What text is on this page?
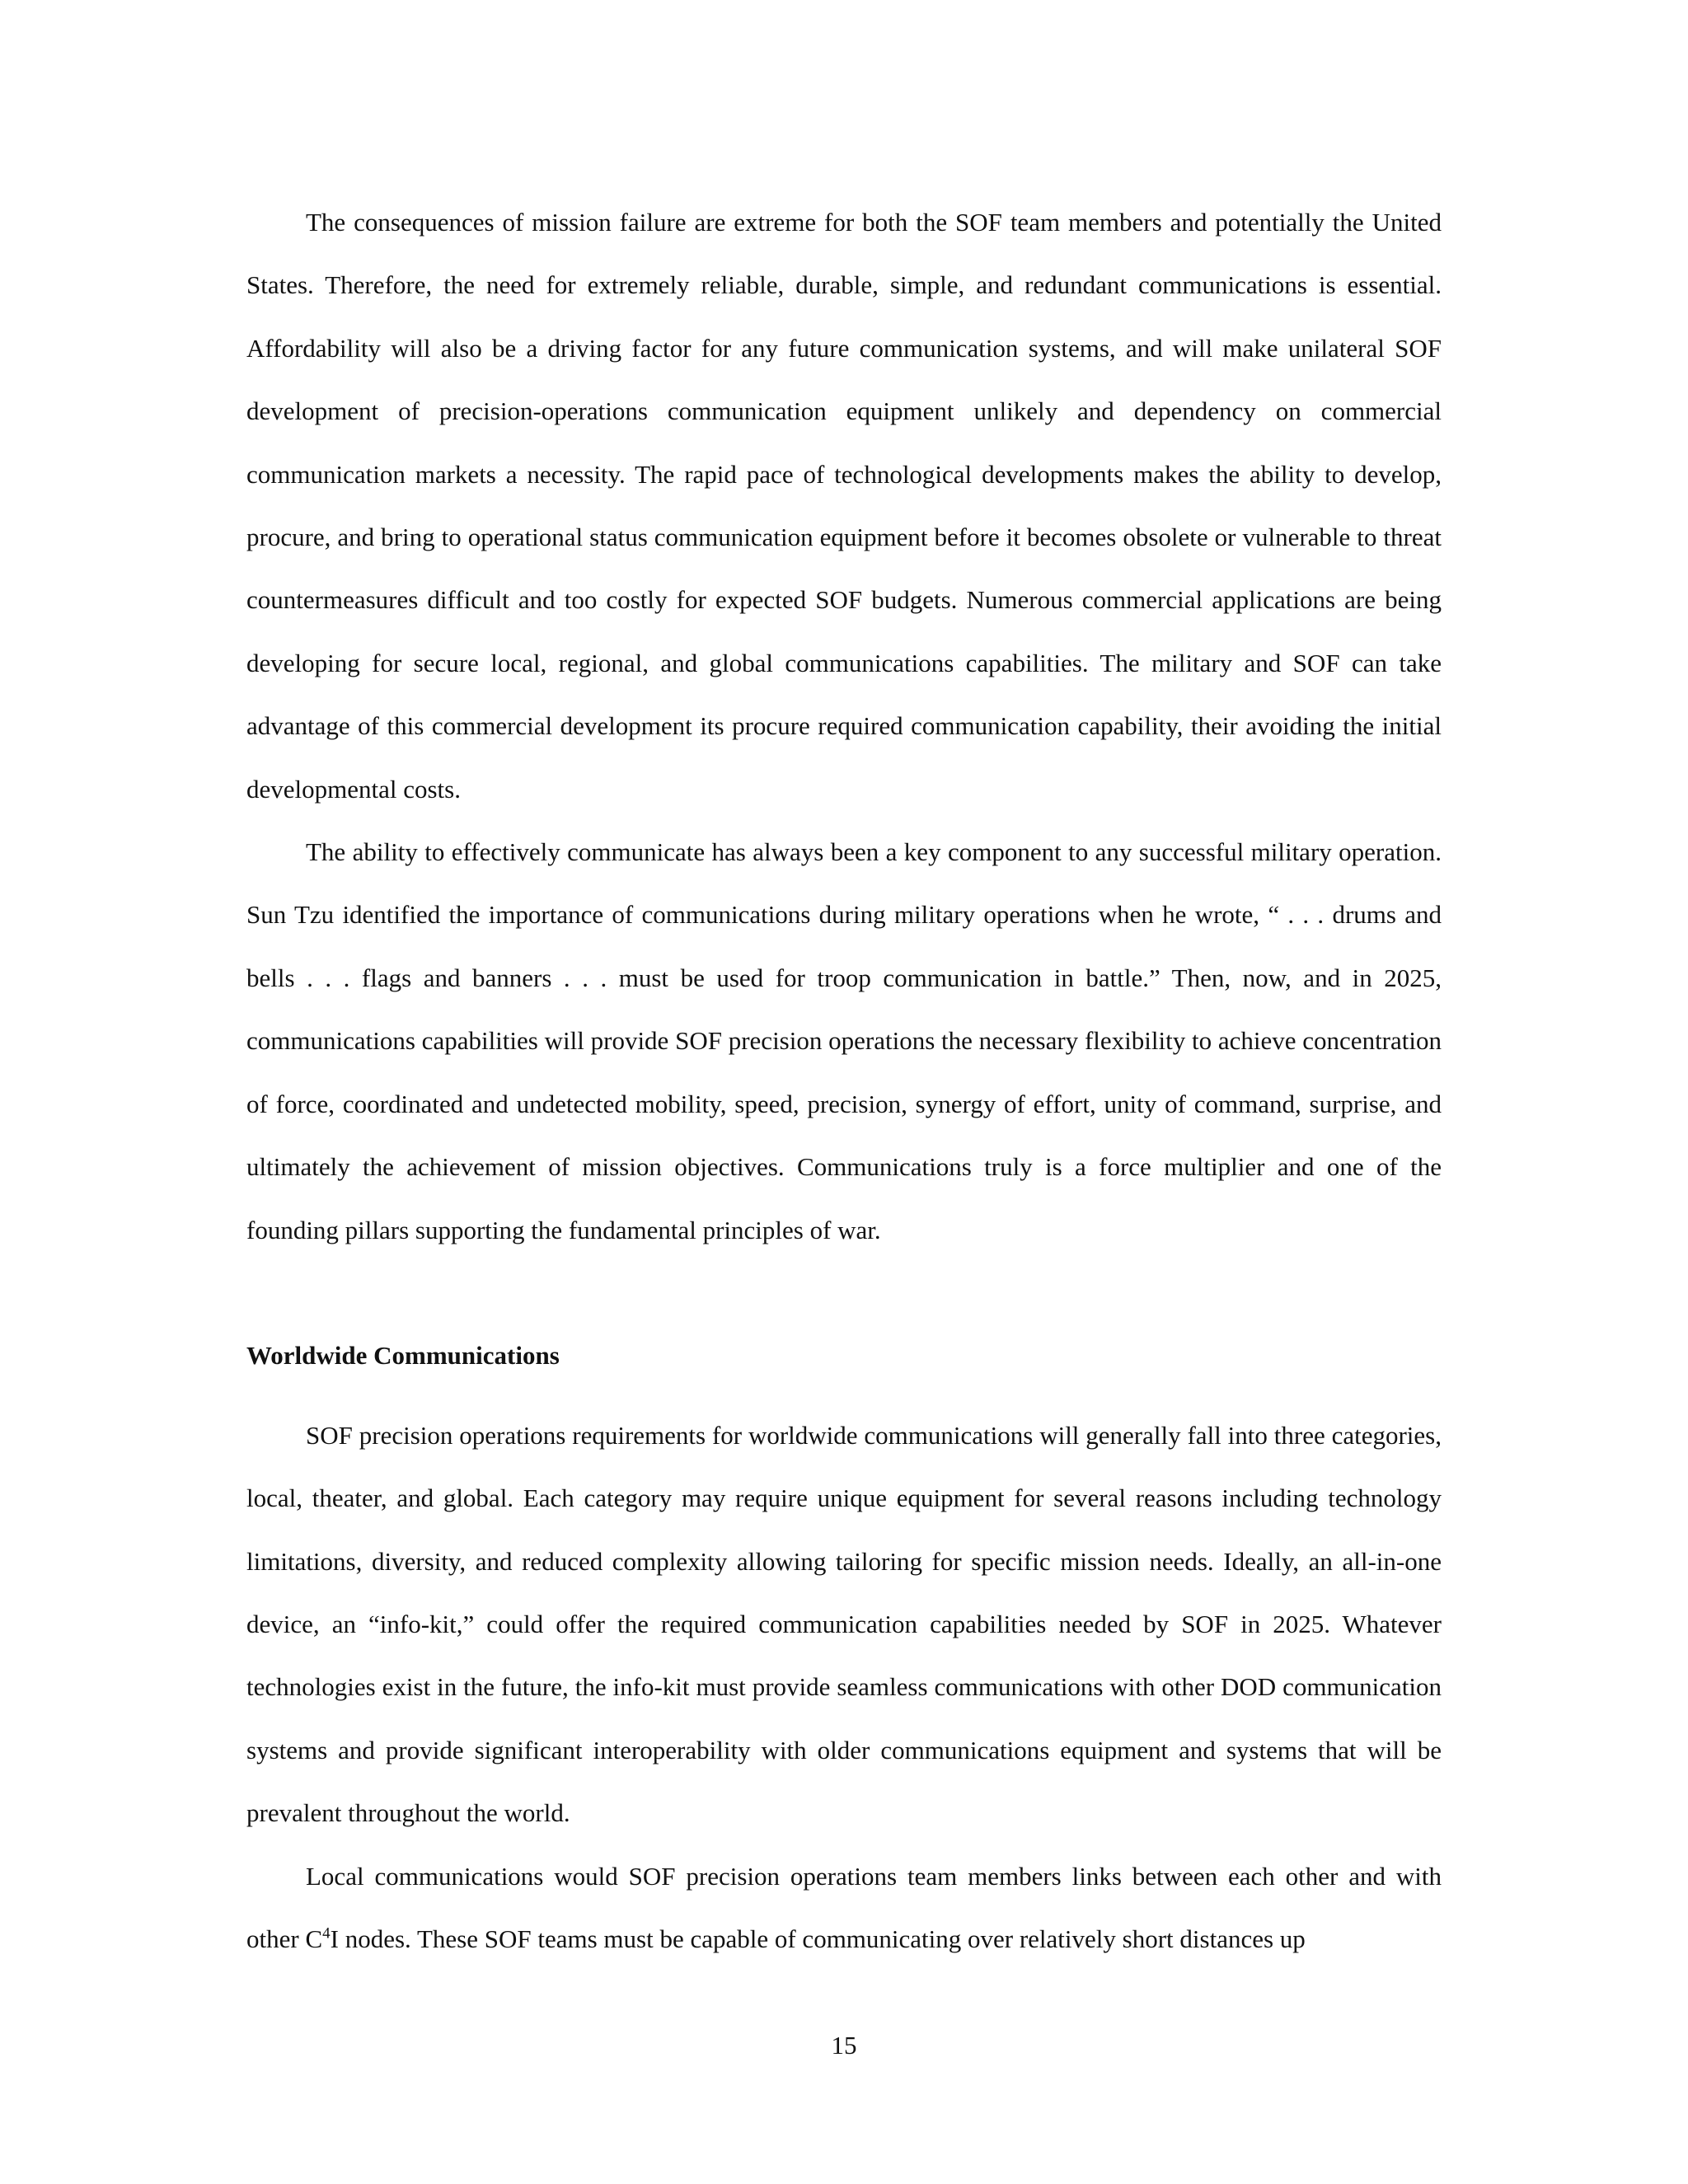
The consequences of mission failure are extreme for both the SOF team members and potentially the United States. Therefore, the need for extremely reliable, durable, simple, and redundant communications is essential. Affordability will also be a driving factor for any future communication systems, and will make unilateral SOF development of precision-operations communication equipment unlikely and dependency on commercial communication markets a necessity. The rapid pace of technological developments makes the ability to develop, procure, and bring to operational status communication equipment before it becomes obsolete or vulnerable to threat countermeasures difficult and too costly for expected SOF budgets. Numerous commercial applications are being developing for secure local, regional, and global communications capabilities. The military and SOF can take advantage of this commercial development its procure required communication capability, their avoiding the initial developmental costs.

The ability to effectively communicate has always been a key component to any successful military operation. Sun Tzu identified the importance of communications during military operations when he wrote, “ . . . drums and bells . . . flags and banners . . . must be used for troop communication in battle.” Then, now, and in 2025, communications capabilities will provide SOF precision operations the necessary flexibility to achieve concentration of force, coordinated and undetected mobility, speed, precision, synergy of effort, unity of command, surprise, and ultimately the achievement of mission objectives. Communications truly is a force multiplier and one of the founding pillars supporting the fundamental principles of war.

Worldwide Communications

SOF precision operations requirements for worldwide communications will generally fall into three categories, local, theater, and global. Each category may require unique equipment for several reasons including technology limitations, diversity, and reduced complexity allowing tailoring for specific mission needs. Ideally, an all-in-one device, an “info-kit,” could offer the required communication capabilities needed by SOF in 2025. Whatever technologies exist in the future, the info-kit must provide seamless communications with other DOD communication systems and provide significant interoperability with older communications equipment and systems that will be prevalent throughout the world.

Local communications would SOF precision operations team members links between each other and with other $C^4I$ nodes. These SOF teams must be capable of communicating over relatively short distances up

15
